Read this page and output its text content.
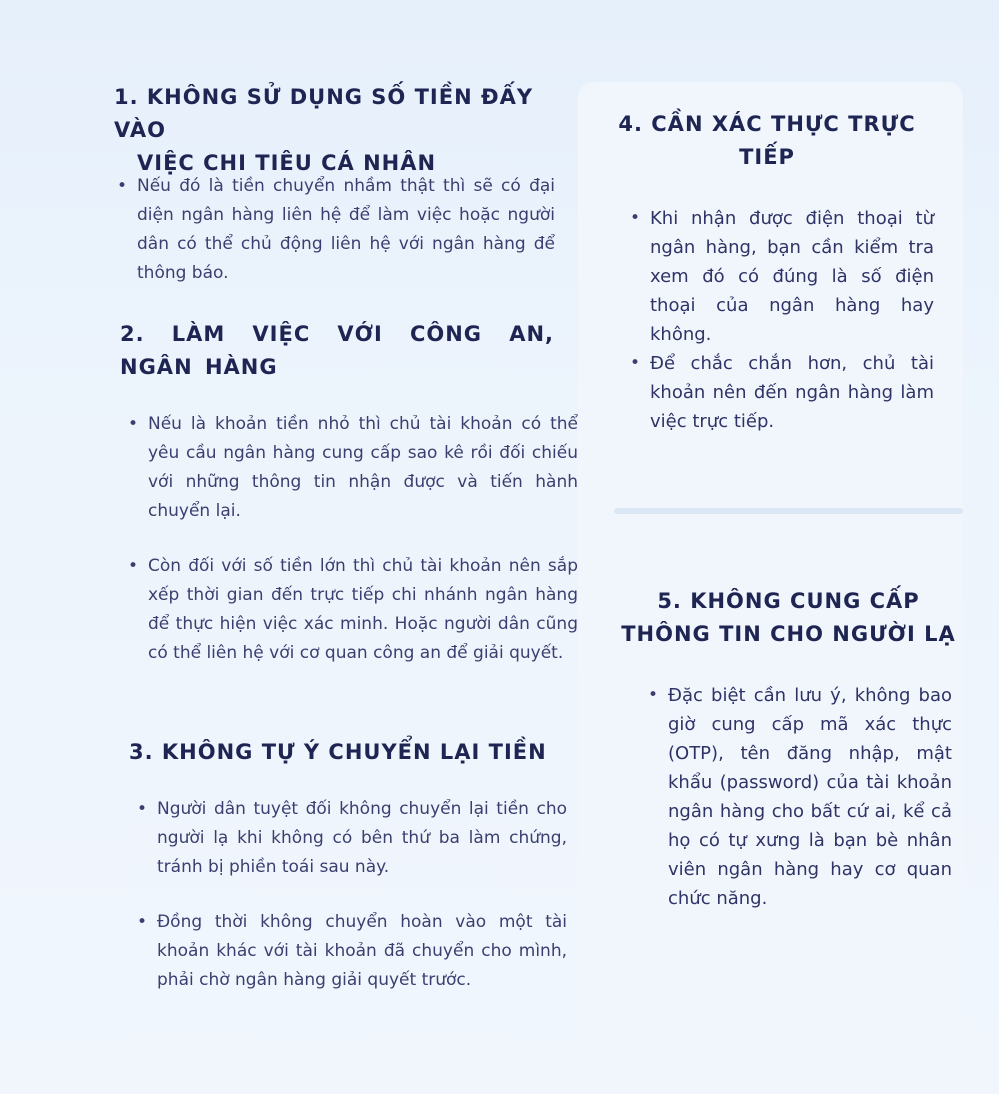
1. KHÔNG SỬ DỤNG SỐ TIỀN ĐẤY VÀO
VIỆC CHI TIÊU CÁ NHÂN
• Nếu đó là tiền chuyển nhầm thật thì sẽ có đại diện ngân hàng liên hệ để làm việc hoặc người dân có thể chủ động liên hệ với ngân hàng để thông báo.
2. LÀM VIỆC VỚI CÔNG AN, NGÂN HÀNG
• Nếu là khoản tiền nhỏ thì chủ tài khoản có thể yêu cầu ngân hàng cung cấp sao kê rồi đối chiếu với những thông tin nhận được và tiến hành chuyển lại.
• Còn đối với số tiền lớn thì chủ tài khoản nên sắp xếp thời gian đến trực tiếp chi nhánh ngân hàng để thực hiện việc xác minh. Hoặc người dân cũng có thể liên hệ với cơ quan công an để giải quyết.
3. KHÔNG TỰ Ý CHUYỂN LẠI TIỀN
• Người dân tuyệt đối không chuyển lại tiền cho người lạ khi không có bên thứ ba làm chứng, tránh bị phiền toái sau này.
• Đồng thời không chuyển hoàn vào một tài khoản khác với tài khoản đã chuyển cho mình, phải chờ ngân hàng giải quyết trước.
4. CẦN XÁC THỰC TRỰC TIẾP
• Khi nhận được điện thoại từ ngân hàng, bạn cần kiểm tra xem đó có đúng là số điện thoại của ngân hàng hay không.
• Để chắc chắn hơn, chủ tài khoản nên đến ngân hàng làm việc trực tiếp.
5. KHÔNG CUNG CẤP THÔNG TIN CHO NGƯỜI LẠ
• Đặc biệt cần lưu ý, không bao giờ cung cấp mã xác thực (OTP), tên đăng nhập, mật khẩu (password) của tài khoản ngân hàng cho bất cứ ai, kể cả họ có tự xưng là bạn bè nhân viên ngân hàng hay cơ quan chức năng.
